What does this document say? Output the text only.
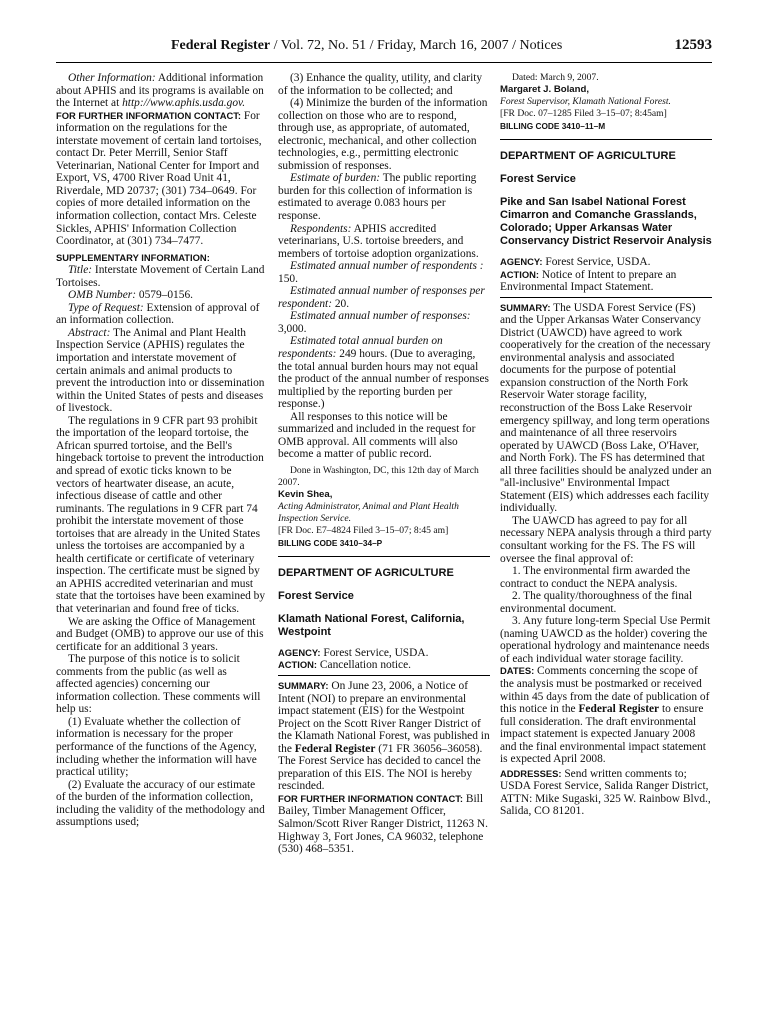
Federal Register / Vol. 72, No. 51 / Friday, March 16, 2007 / Notices	12593

Other Information: Additional information about APHIS and its programs is available on the Internet at http://www.aphis.usda.gov.

FOR FURTHER INFORMATION CONTACT: For information on the regulations for the interstate movement of certain land tortoises, contact Dr. Peter Merrill, Senior Staff Veterinarian, National Center for Import and Export, VS, 4700 River Road Unit 41, Riverdale, MD 20737; (301) 734–0649. For copies of more detailed information on the information collection, contact Mrs. Celeste Sickles, APHIS' Information Collection Coordinator, at (301) 734–7477.

SUPPLEMENTARY INFORMATION:

Title: Interstate Movement of Certain Land Tortoises.

OMB Number: 0579–0156.

Type of Request: Extension of approval of an information collection.

Abstract: The Animal and Plant Health Inspection Service (APHIS) regulates the importation and interstate movement of certain animals and animal products to prevent the introduction into or dissemination within the United States of pests and diseases of livestock.

The regulations in 9 CFR part 93 prohibit the importation of the leopard tortoise, the African spurred tortoise, and the Bell's hingeback tortoise to prevent the introduction and spread of exotic ticks known to be vectors of heartwater disease, an acute, infectious disease of cattle and other ruminants. The regulations in 9 CFR part 74 prohibit the interstate movement of those tortoises that are already in the United States unless the tortoises are accompanied by a health certificate or certificate of veterinary inspection. The certificate must be signed by an APHIS accredited veterinarian and must state that the tortoises have been examined by that veterinarian and found free of ticks.

We are asking the Office of Management and Budget (OMB) to approve our use of this certificate for an additional 3 years.

The purpose of this notice is to solicit comments from the public (as well as affected agencies) concerning our information collection. These comments will help us:

(1) Evaluate whether the collection of information is necessary for the proper performance of the functions of the Agency, including whether the information will have practical utility;

(2) Evaluate the accuracy of our estimate of the burden of the information collection, including the validity of the methodology and assumptions used;

(3) Enhance the quality, utility, and clarity of the information to be collected; and

(4) Minimize the burden of the information collection on those who are to respond, through use, as appropriate, of automated, electronic, mechanical, and other collection technologies, e.g., permitting electronic submission of responses.

Estimate of burden: The public reporting burden for this collection of information is estimated to average 0.083 hours per response.

Respondents: APHIS accredited veterinarians, U.S. tortoise breeders, and members of tortoise adoption organizations.

Estimated annual number of respondents : 150.

Estimated annual number of responses per respondent: 20.

Estimated annual number of responses: 3,000.

Estimated total annual burden on respondents: 249 hours. (Due to averaging, the total annual burden hours may not equal the product of the annual number of responses multiplied by the reporting burden per response.)

All responses to this notice will be summarized and included in the request for OMB approval. All comments will also become a matter of public record.

Done in Washington, DC, this 12th day of March 2007.

Kevin Shea,

Acting Administrator, Animal and Plant Health Inspection Service.

[FR Doc. E7–4824 Filed 3–15–07; 8:45 am]

BILLING CODE 3410–34–P

DEPARTMENT OF AGRICULTURE

Forest Service

Klamath National Forest, California, Westpoint

AGENCY: Forest Service, USDA.

ACTION: Cancellation notice.

SUMMARY: On June 23, 2006, a Notice of Intent (NOI) to prepare an environmental impact statement (EIS) for the Westpoint Project on the Scott River Ranger District of the Klamath National Forest, was published in the Federal Register (71 FR 36056–36058). The Forest Service has decided to cancel the preparation of this EIS. The NOI is hereby rescinded.

FOR FURTHER INFORMATION CONTACT: Bill Bailey, Timber Management Officer, Salmon/Scott River Ranger District, 11263 N. Highway 3, Fort Jones, CA 96032, telephone (530) 468–5351.

Dated: March 9, 2007.

Margaret J. Boland,

Forest Supervisor, Klamath National Forest.

[FR Doc. 07–1285 Filed 3–15–07; 8:45am]

BILLING CODE 3410–11–M

DEPARTMENT OF AGRICULTURE

Forest Service

Pike and San Isabel National Forest Cimarron and Comanche Grasslands, Colorado; Upper Arkansas Water Conservancy District Reservoir Analysis

AGENCY: Forest Service, USDA.

ACTION: Notice of Intent to prepare an Environmental Impact Statement.

SUMMARY: The USDA Forest Service (FS) and the Upper Arkansas Water Conservancy District (UAWCD) have agreed to work cooperatively for the creation of the necessary environmental analysis and associated documents for the purpose of potential expansion construction of the North Fork Reservoir Water storage facility, reconstruction of the Boss Lake Reservoir emergency spillway, and long term operations and maintenance of all three reservoirs operated by UAWCD (Boss Lake, O'Haver, and North Fork). The FS has determined that all three facilities should be analyzed under an ''all-inclusive'' Environmental Impact Statement (EIS) which addresses each facility individually.

The UAWCD has agreed to pay for all necessary NEPA analysis through a third party consultant working for the FS. The FS will oversee the final approval of:

1. The environmental firm awarded the contract to conduct the NEPA analysis.

2. The quality/thoroughness of the final environmental document.

3. Any future long-term Special Use Permit (naming UAWCD as the holder) covering the operational hydrology and maintenance needs of each individual water storage facility.

DATES: Comments concerning the scope of the analysis must be postmarked or received within 45 days from the date of publication of this notice in the Federal Register to ensure full consideration. The draft environmental impact statement is expected January 2008 and the final environmental impact statement is expected April 2008.

ADDRESSES: Send written comments to; USDA Forest Service, Salida Ranger District, ATTN: Mike Sugaski, 325 W. Rainbow Blvd., Salida, CO 81201.
